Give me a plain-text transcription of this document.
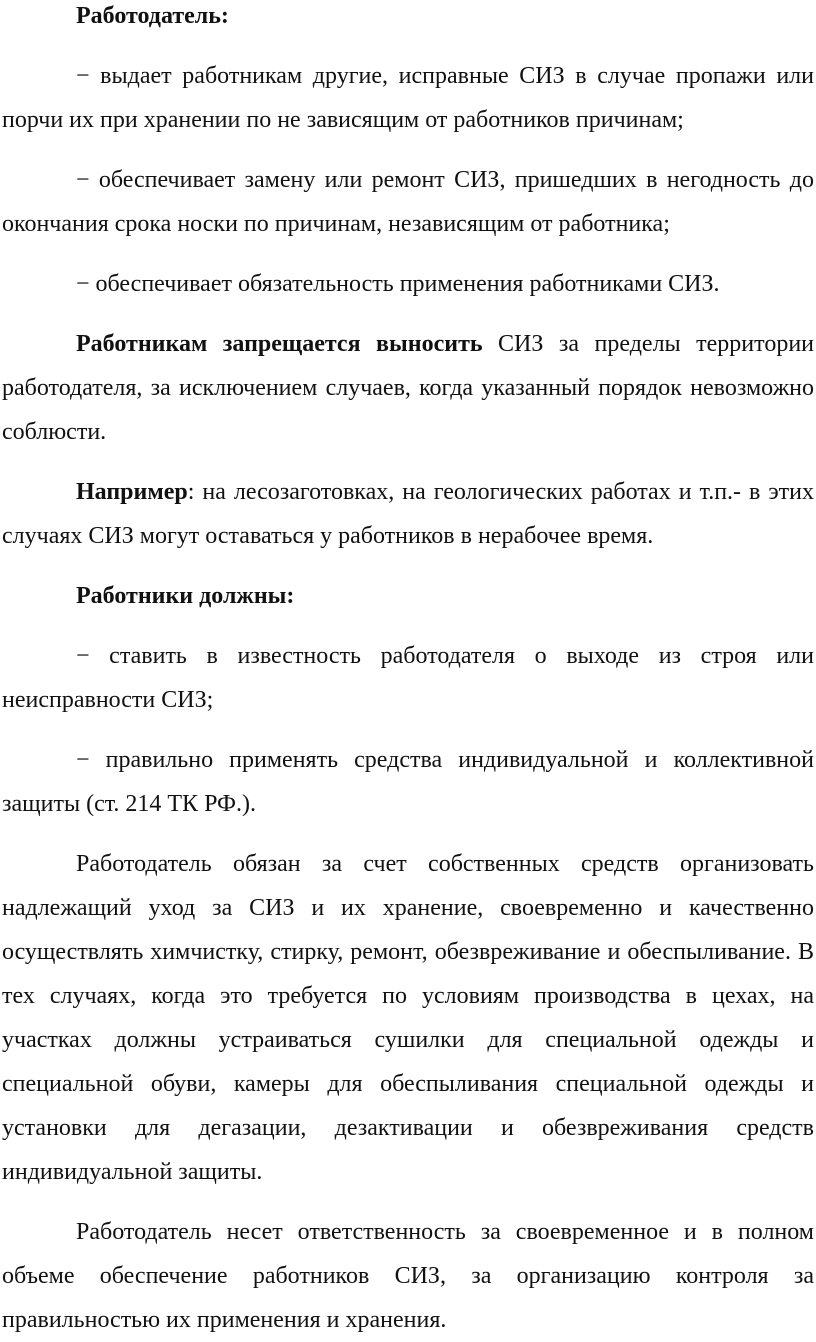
Работодатель:

− выдает работникам другие, исправные СИЗ в случае пропажи или порчи их при хранении по не зависящим от работников причинам;

− обеспечивает замену или ремонт СИЗ, пришедших в негодность до окончания срока носки по причинам, независящим от работника;

− обеспечивает обязательность применения работниками СИЗ.

Работникам запрещается выносить СИЗ за пределы территории работодателя, за исключением случаев, когда указанный порядок невозможно соблюсти.

Например: на лесозаготовках, на геологических работах и т.п.- в этих случаях СИЗ могут оставаться у работников в нерабочее время.

Работники должны:

− ставить в известность работодателя о выходе из строя или неисправности СИЗ;

− правильно применять средства индивидуальной и коллективной защиты (ст. 214 ТК РФ.).

Работодатель обязан за счет собственных средств организовать надлежащий уход за СИЗ и их хранение, своевременно и качественно осуществлять химчистку, стирку, ремонт, обезвреживание и обеспыливание. В тех случаях, когда это требуется по условиям производства в цехах, на участках должны устраиваться сушилки для специальной одежды и специальной обуви, камеры для обеспыливания специальной одежды и установки для дегазации, дезактивации и обезвреживания средств индивидуальной защиты.

Работодатель несет ответственность за своевременное и в полном объеме обеспечение работников СИЗ, за организацию контроля за правильностью их применения и хранения.
